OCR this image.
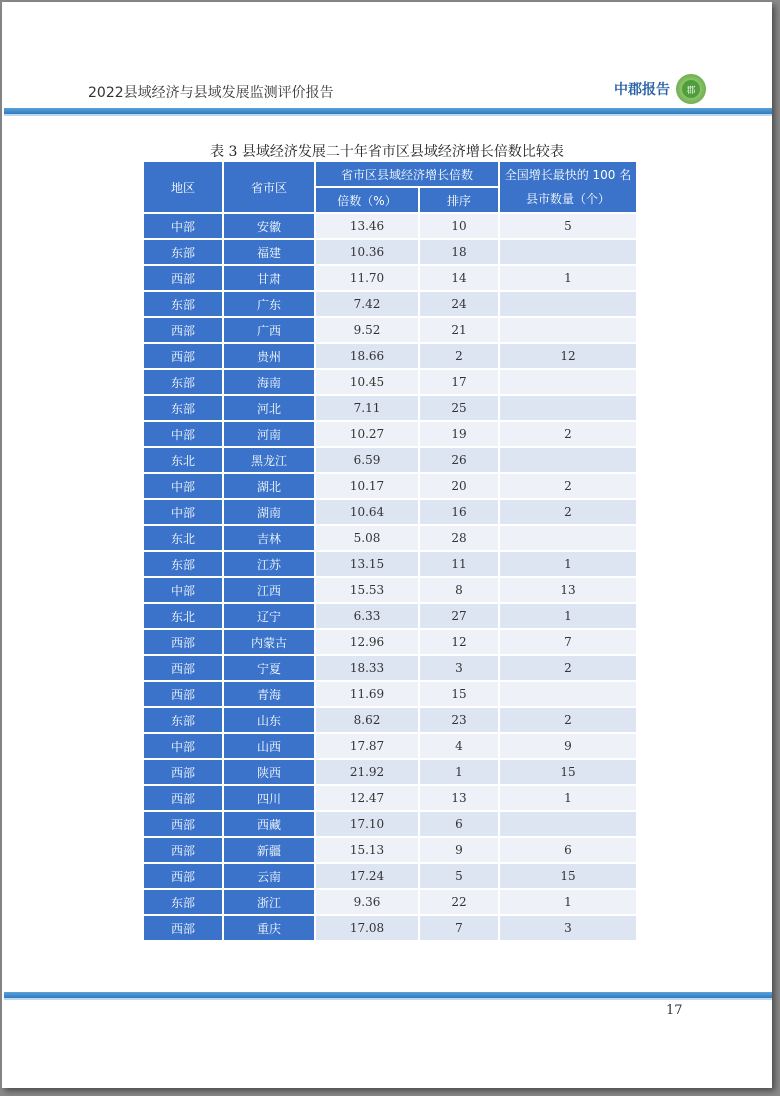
2022县域经济与县域发展监测评价报告	中郡报告	郡
表 3 县域经济发展二十年省市区县域经济增长倍数比较表
地区	省市区	省市区县域经济增长倍数		全国增长最快的 100 名县市数量（个）
		倍数（%）	排序	
中部	安徽	13.46	10	5
东部	福建	10.36	18	
西部	甘肃	11.70	14	1
东部	广东	7.42	24	
西部	广西	9.52	21	
西部	贵州	18.66	2	12
东部	海南	10.45	17	
东部	河北	7.11	25	
中部	河南	10.27	19	2
东北	黑龙江	6.59	26	
中部	湖北	10.17	20	2
中部	湖南	10.64	16	2
东北	吉林	5.08	28	
东部	江苏	13.15	11	1
中部	江西	15.53	8	13
东北	辽宁	6.33	27	1
西部	内蒙古	12.96	12	7
西部	宁夏	18.33	3	2
西部	青海	11.69	15	
东部	山东	8.62	23	2
中部	山西	17.87	4	9
西部	陕西	21.92	1	15
西部	四川	12.47	13	1
西部	西藏	17.10	6	
西部	新疆	15.13	9	6
西部	云南	17.24	5	15
东部	浙江	9.36	22	1
西部	重庆	17.08	7	3
17
